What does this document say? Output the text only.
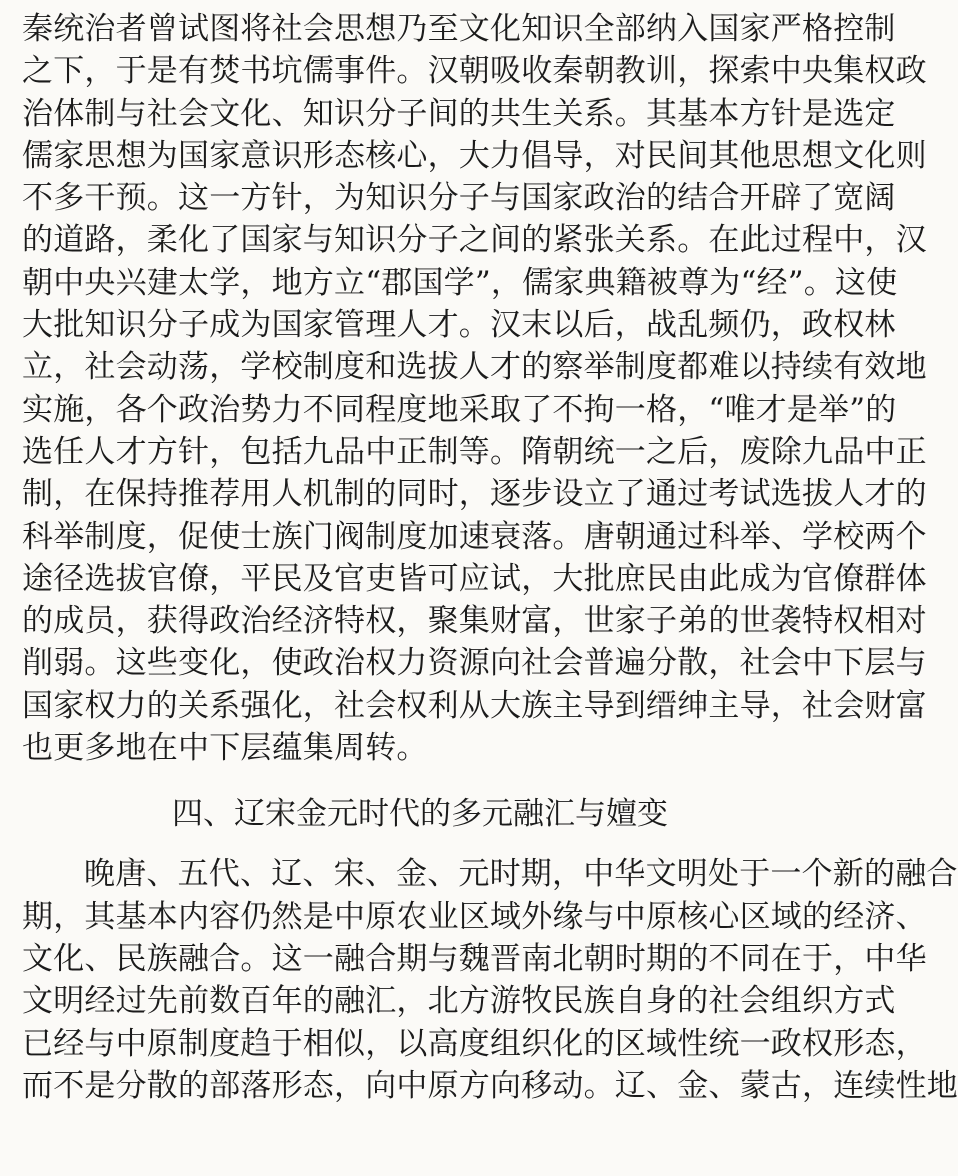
秦统治者曾试图将社会思想乃至文化知识全部纳入国家严格控制
之下，于是有焚书坑儒事件。汉朝吸收秦朝教训，探索中央集权政
治体制与社会文化、知识分子间的共生关系。其基本方针是选定
儒家思想为国家意识形态核心，大力倡导，对民间其他思想文化则
不多干预。这一方针，为知识分子与国家政治的结合开辟了宽阔
的道路，柔化了国家与知识分子之间的紧张关系。在此过程中，汉
朝中央兴建太学，地方立“郡国学”，儒家典籍被尊为“经”。这使
大批知识分子成为国家管理人才。汉末以后，战乱频仍，政权林
立，社会动荡，学校制度和选拔人才的察举制度都难以持续有效地
实施，各个政治势力不同程度地采取了不拘一格，“唯才是举”的
选任人才方针，包括九品中正制等。隋朝统一之后，废除九品中正
制，在保持推荐用人机制的同时，逐步设立了通过考试选拔人才的
科举制度，促使士族门阀制度加速衰落。唐朝通过科举、学校两个
途径选拔官僚，平民及官吏皆可应试，大批庶民由此成为官僚群体
的成员，获得政治经济特权，聚集财富，世家子弟的世袭特权相对
削弱。这些变化，使政治权力资源向社会普遍分散，社会中下层与
国家权力的关系强化，社会权利从大族主导到缙绅主导，社会财富
也更多地在中下层蕴集周转。
四、辽宋金元时代的多元融汇与嬗变
晚唐、五代、辽、宋、金、元时期，中华文明处于一个新的融合
期，其基本内容仍然是中原农业区域外缘与中原核心区域的经济、
文化、民族融合。这一融合期与魏晋南北朝时期的不同在于，中华
文明经过先前数百年的融汇，北方游牧民族自身的社会组织方式
已经与中原制度趋于相似，以高度组织化的区域性统一政权形态，
而不是分散的部落形态，向中原方向移动。辽、金、蒙古，连续性地
